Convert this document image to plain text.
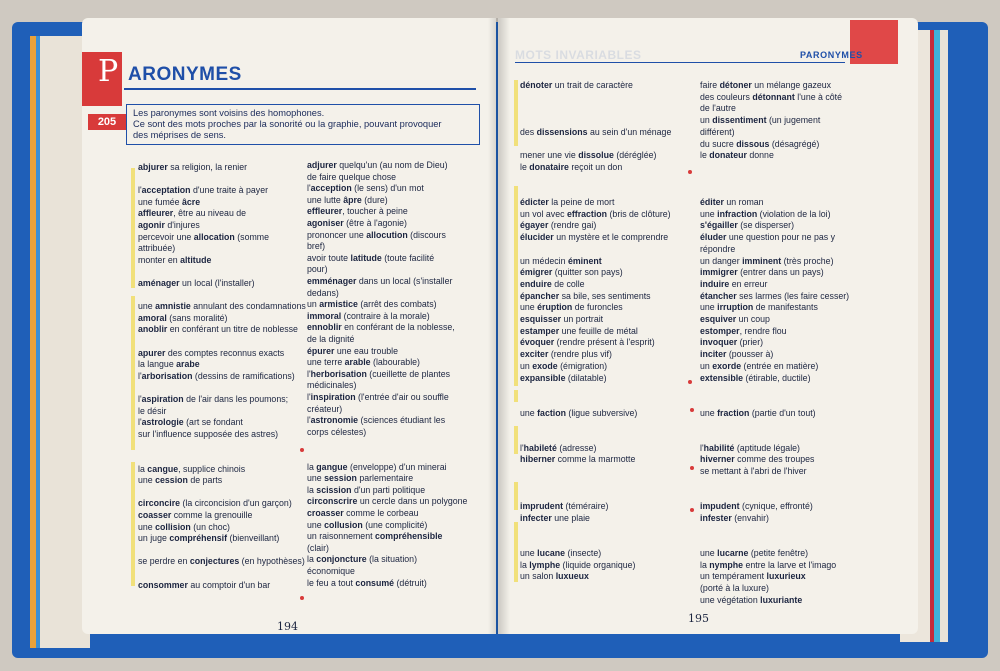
P ARONYMES
205
Les paronymes sont voisins des homophones.
Ce sont des mots proches par la sonorité ou la graphie, pouvant provoquer
des méprises de sens.
MOTS INVARIABLES	PARONYMES
abjurer sa religion, la renier
l'acceptation d'une traite à payer
une fumée âcre
affleurer, être au niveau de
agonir d'injures
percevoir une allocation (somme
attribuée)
monter en altitude
aménager un local (l'installer)
une amnistie annulant des condamnations
amoral (sans moralité)
anoblir en conférant un titre de noblesse
apurer des comptes reconnus exacts
la langue arabe
l'arborisation (dessins de ramifications)
l'aspiration de l'air dans les poumons;
le désir
l'astrologie (art se fondant
sur l'influence supposée des astres)
la cangue, supplice chinois
une cession de parts
circoncire (la circoncision d'un garçon)
coasser comme la grenouille
une collision (un choc)
un juge compréhensif (bienveillant)
se perdre en conjectures (en hypothèses)
consommer au comptoir d'un bar
adjurer quelqu'un (au nom de Dieu)
de faire quelque chose
l'acception (le sens) d'un mot
une lutte âpre (dure)
effleurer, toucher à peine
agoniser (être à l'agonie)
prononcer une allocution (discours
bref)
avoir toute latitude (toute facilité
pour)
emménager dans un local (s'installer
dedans)
un armistice (arrêt des combats)
immoral (contraire à la morale)
ennoblir en conférant de la noblesse,
de la dignité
épurer une eau trouble
une terre arable (labourable)
l'herborisation (cueillette de plantes
médicinales)
l'inspiration (l'entrée d'air ou souffle
créateur)
l'astronomie (sciences étudiant les
corps célestes)
la gangue (enveloppe) d'un minerai
une session parlementaire
la scission d'un parti politique
circonscrire un cercle dans un polygone
croasser comme le corbeau
une collusion (une complicité)
un raisonnement compréhensible
(clair)
la conjoncture (la situation)
économique
le feu a tout consumé (détruit)
dénoter un trait de caractère
des dissensions au sein d'un ménage
mener une vie dissolue (déréglée)
le donataire reçoit un don
édicter la peine de mort
un vol avec effraction (bris de clôture)
égayer (rendre gai)
élucider un mystère et le comprendre
un médecin éminent
émigrer (quitter son pays)
enduire de colle
épancher sa bile, ses sentiments
une éruption de furoncles
esquisser un portrait
estamper une feuille de métal
évoquer (rendre présent à l'esprit)
exciter (rendre plus vif)
un exode (émigration)
expansible (dilatable)
une faction (ligue subversive)
l'habileté (adresse)
hiberner comme la marmotte
imprudent (téméraire)
infecter une plaie
une lucane (insecte)
la lymphe (liquide organique)
un salon luxueux
faire détoner un mélange gazeux
des couleurs détonnant l'une à côté
de l'autre
un dissentiment (un jugement
différent)
du sucre dissous (désagrégé)
le donateur donne
éditer un roman
une infraction (violation de la loi)
s'égailler (se disperser)
éluder une question pour ne pas y
répondre
un danger imminent (très proche)
immigrer (entrer dans un pays)
induire en erreur
étancher ses larmes (les faire cesser)
une irruption de manifestants
esquiver un coup
estomper, rendre flou
invoquer (prier)
inciter (pousser à)
un exorde (entrée en matière)
extensible (étirable, ductile)
une fraction (partie d'un tout)
l'habilité (aptitude légale)
hiverner comme des troupes
se mettant à l'abri de l'hiver
impudent (cynique, effronté)
infester (envahir)
une lucarne (petite fenêtre)
la nymphe entre la larve et l'imago
un tempérament luxurieux
(porté à la luxure)
une végétation luxuriante
194
195
